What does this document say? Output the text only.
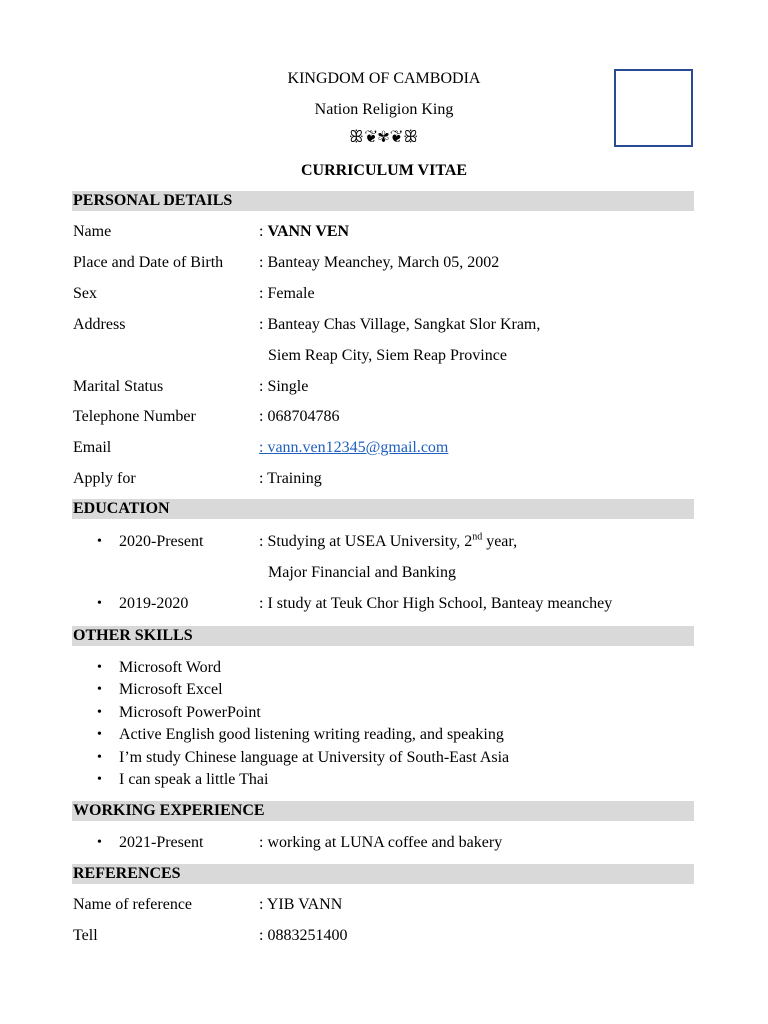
KINGDOM OF CAMBODIA
Nation Religion King
ꕥ❦✾❦ꕥ
CURRICULUM VITAE
PERSONAL DETAILS
Name	: VANN VEN
Place and Date of Birth : Banteay Meanchey, March 05, 2002
Sex	: Female
Address	: Banteay Chas Village, Sangkat Slor Kram,
Siem Reap City, Siem Reap Province
Marital Status	: Single
Telephone Number	: 068704786
Email	: vann.ven12345@gmail.com
Apply for	: Training
EDUCATION
• 2020-Present	: Studying at USEA University, 2nd year,
Major Financial and Banking
• 2019-2020	: I study at Teuk Chor High School, Banteay meanchey
OTHER SKILLS
• Microsoft Word
• Microsoft Excel
• Microsoft PowerPoint
• Active English good listening writing reading, and speaking
• I’m study Chinese language at University of South-East Asia
• I can speak a little Thai
WORKING EXPERIENCE
• 2021-Present	: working at LUNA coffee and bakery
REFERENCES
Name of reference	: YIB VANN
Tell	: 0883251400
